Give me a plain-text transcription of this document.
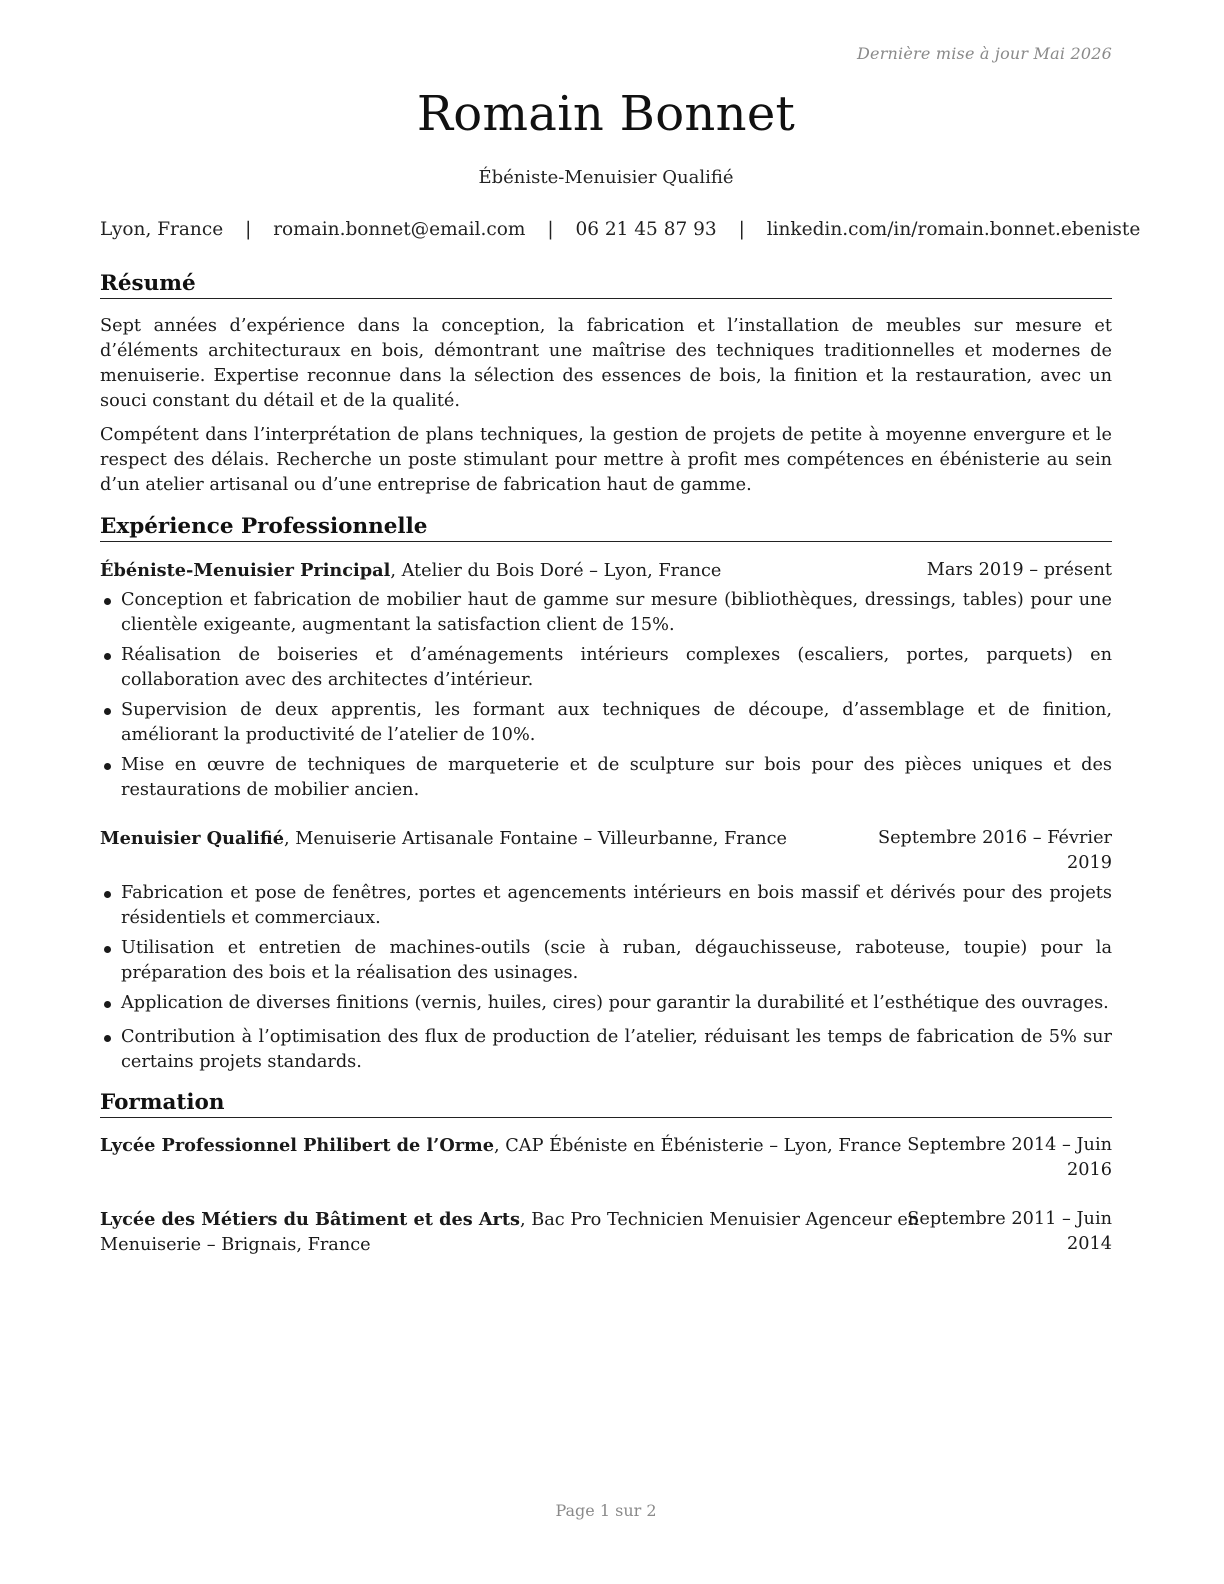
Dernière mise à jour Mai 2026
Romain Bonnet
Ébéniste-Menuisier Qualifié
Lyon, France | romain.bonnet@email.com | 06 21 45 87 93 | linkedin.com/in/romain.bonnet.ebeniste
Résumé
Sept années d’expérience dans la conception, la fabrication et l’installation de meubles sur mesure et d’éléments architecturaux en bois, démontrant une maîtrise des techniques traditionnelles et modernes de menuiserie. Expertise reconnue dans la sélection des essences de bois, la finition et la restauration, avec un souci constant du détail et de la qualité.
Compétent dans l’interprétation de plans techniques, la gestion de projets de petite à moyenne envergure et le respect des délais. Recherche un poste stimulant pour mettre à profit mes compétences en ébénisterie au sein d’un atelier artisanal ou d’une entreprise de fabrication haut de gamme.
Expérience Professionnelle
Ébéniste-Menuisier Principal, Atelier du Bois Doré – Lyon, France	Mars 2019 – présent
Conception et fabrication de mobilier haut de gamme sur mesure (bibliothèques, dressings, tables) pour une clientèle exigeante, augmentant la satisfaction client de 15%.
Réalisation de boiseries et d’aménagements intérieurs complexes (escaliers, portes, parquets) en collaboration avec des architectes d’intérieur.
Supervision de deux apprentis, les formant aux techniques de découpe, d’assemblage et de finition, améliorant la productivité de l’atelier de 10%.
Mise en œuvre de techniques de marqueterie et de sculpture sur bois pour des pièces uniques et des restaurations de mobilier ancien.
Menuisier Qualifié, Menuiserie Artisanale Fontaine – Villeurbanne, France	Septembre 2016 – Février
2019
Fabrication et pose de fenêtres, portes et agencements intérieurs en bois massif et dérivés pour des projets résidentiels et commerciaux.
Utilisation et entretien de machines-outils (scie à ruban, dégauchisseuse, raboteuse, toupie) pour la préparation des bois et la réalisation des usinages.
Application de diverses finitions (vernis, huiles, cires) pour garantir la durabilité et l’esthétique des ouvrages.
Contribution à l’optimisation des flux de production de l’atelier, réduisant les temps de fabrication de 5% sur certains projets standards.
Formation
Lycée Professionnel Philibert de l’Orme, CAP Ébéniste en Ébénisterie – Lyon, France Septembre 2014 – Juin
2016
Lycée des Métiers du Bâtiment et des Arts, Bac Pro Technicien Menuisier Agenceur en
Menuiserie – Brignais, France
Septembre 2011 – Juin
2014
Page 1 sur 2
